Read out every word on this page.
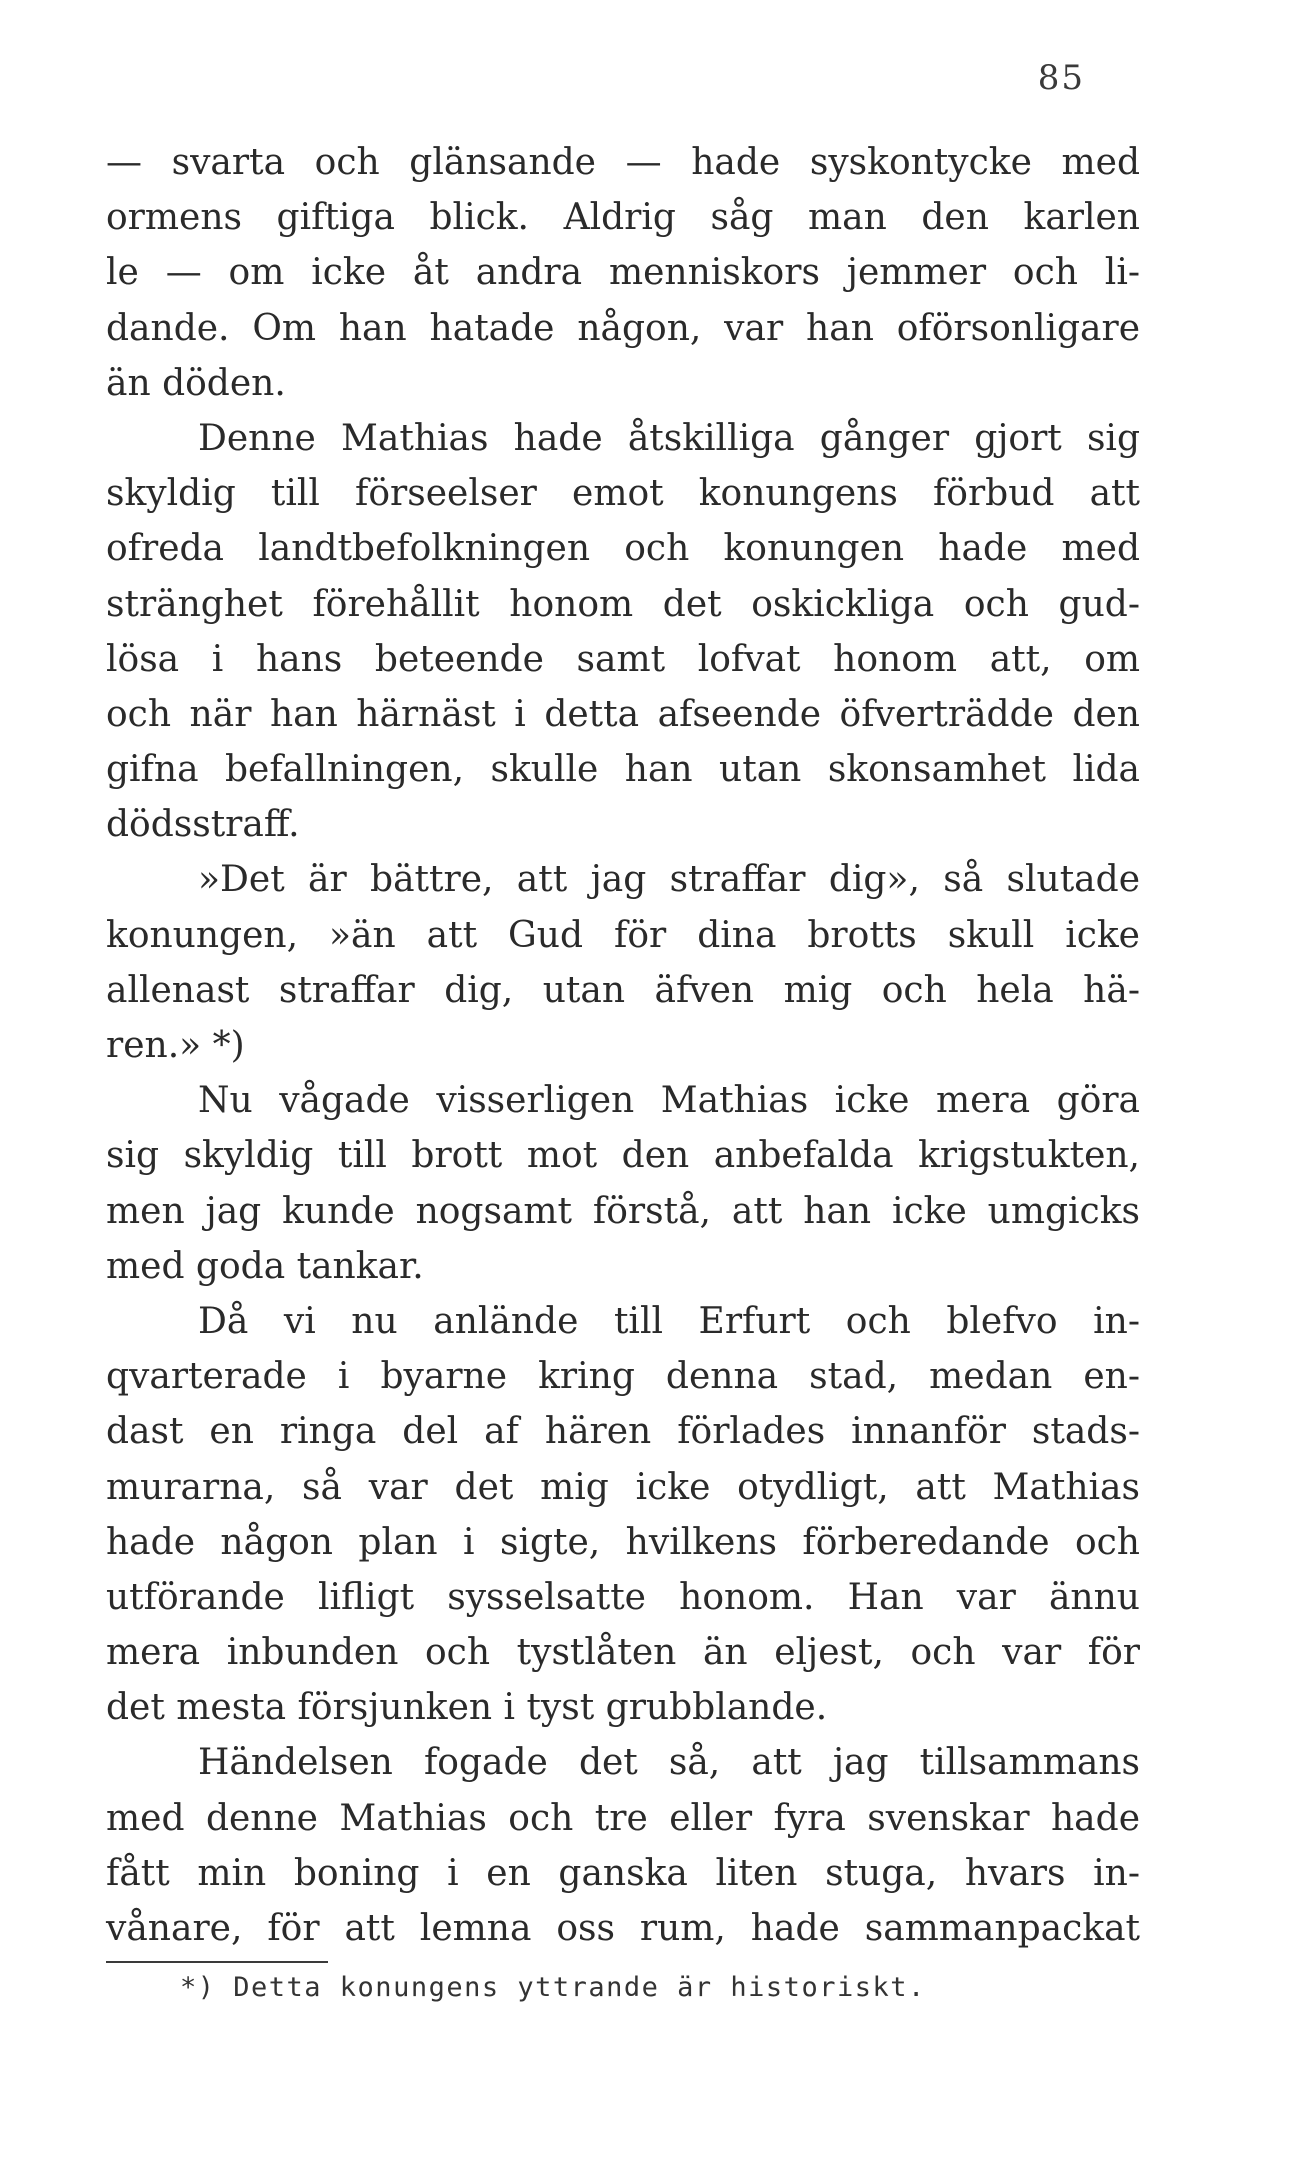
85
— svarta och glänsande — hade syskontycke med
ormens giftiga blick. Aldrig såg man den karlen
le — om icke åt andra menniskors jemmer och li-
dande. Om han hatade någon, var han oförsonligare
än döden.
Denne Mathias hade åtskilliga gånger gjort sig
skyldig till förseelser emot konungens förbud att
ofreda landtbefolkningen och konungen hade med
stränghet förehållit honom det oskickliga och gud-
lösa i hans beteende samt lofvat honom att, om
och när han härnäst i detta afseende öfverträdde den
gifna befallningen, skulle han utan skonsamhet lida
dödsstraff.
»Det är bättre, att jag straffar dig», så slutade
konungen, »än att Gud för dina brotts skull icke
allenast straffar dig, utan äfven mig och hela hä-
ren.» *)
Nu vågade visserligen Mathias icke mera göra
sig skyldig till brott mot den anbefalda krigstukten,
men jag kunde nogsamt förstå, att han icke umgicks
med goda tankar.
Då vi nu anlände till Erfurt och blefvo in-
qvarterade i byarne kring denna stad, medan en-
dast en ringa del af hären förlades innanför stads-
murarna, så var det mig icke otydligt, att Mathias
hade någon plan i sigte, hvilkens förberedande och
utförande lifligt sysselsatte honom. Han var ännu
mera inbunden och tystlåten än eljest, och var för
det mesta försjunken i tyst grubblande.
Händelsen fogade det så, att jag tillsammans
med denne Mathias och tre eller fyra svenskar hade
fått min boning i en ganska liten stuga, hvars in-
vånare, för att lemna oss rum, hade sammanpackat
*) Detta konungens yttrande är historiskt.
